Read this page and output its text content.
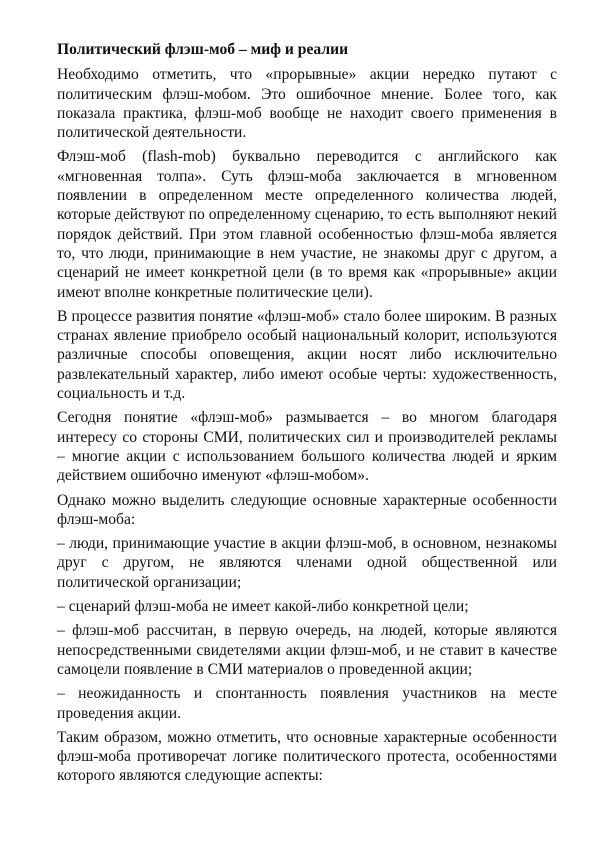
Политический флэш-моб – миф и реалии

Необходимо отметить, что «прорывные» акции нередко путают с политическим флэш-мобом. Это ошибочное мнение. Более того, как показала практика, флэш-моб вообще не находит своего применения в политической деятельности.

Флэш-моб (flash-mob) буквально переводится с английского как «мгновенная толпа». Суть флэш-моба заключается в мгновенном появлении в определенном месте определенного количества людей, которые действуют по определенному сценарию, то есть выполняют некий порядок действий. При этом главной особенностью флэш-моба является то, что люди, принимающие в нем участие, не знакомы друг с другом, а сценарий не имеет конкретной цели (в то время как «прорывные» акции имеют вполне конкретные политические цели).

В процессе развития понятие «флэш-моб» стало более широким. В разных странах явление приобрело особый национальный колорит, используются различные способы оповещения, акции носят либо исключительно развлекательный характер, либо имеют особые черты: художественность, социальность и т.д.

Сегодня понятие «флэш-моб» размывается – во многом благодаря интересу со стороны СМИ, политических сил и производителей рекламы – многие акции с использованием большого количества людей и ярким действием ошибочно именуют «флэш-мобом».

Однако можно выделить следующие основные характерные особенности флэш-моба:

– люди, принимающие участие в акции флэш-моб, в основном, незнакомы друг с другом, не являются членами одной общественной или политической организации;

– сценарий флэш-моба не имеет какой-либо конкретной цели;

– флэш-моб рассчитан, в первую очередь, на людей, которые являются непосредственными свидетелями акции флэш-моб, и не ставит в качестве самоцели появление в СМИ материалов о проведенной акции;

– неожиданность и спонтанность появления участников на месте проведения акции.

Таким образом, можно отметить, что основные характерные особенности флэш-моба противоречат логике политического протеста, особенностями которого являются следующие аспекты:
